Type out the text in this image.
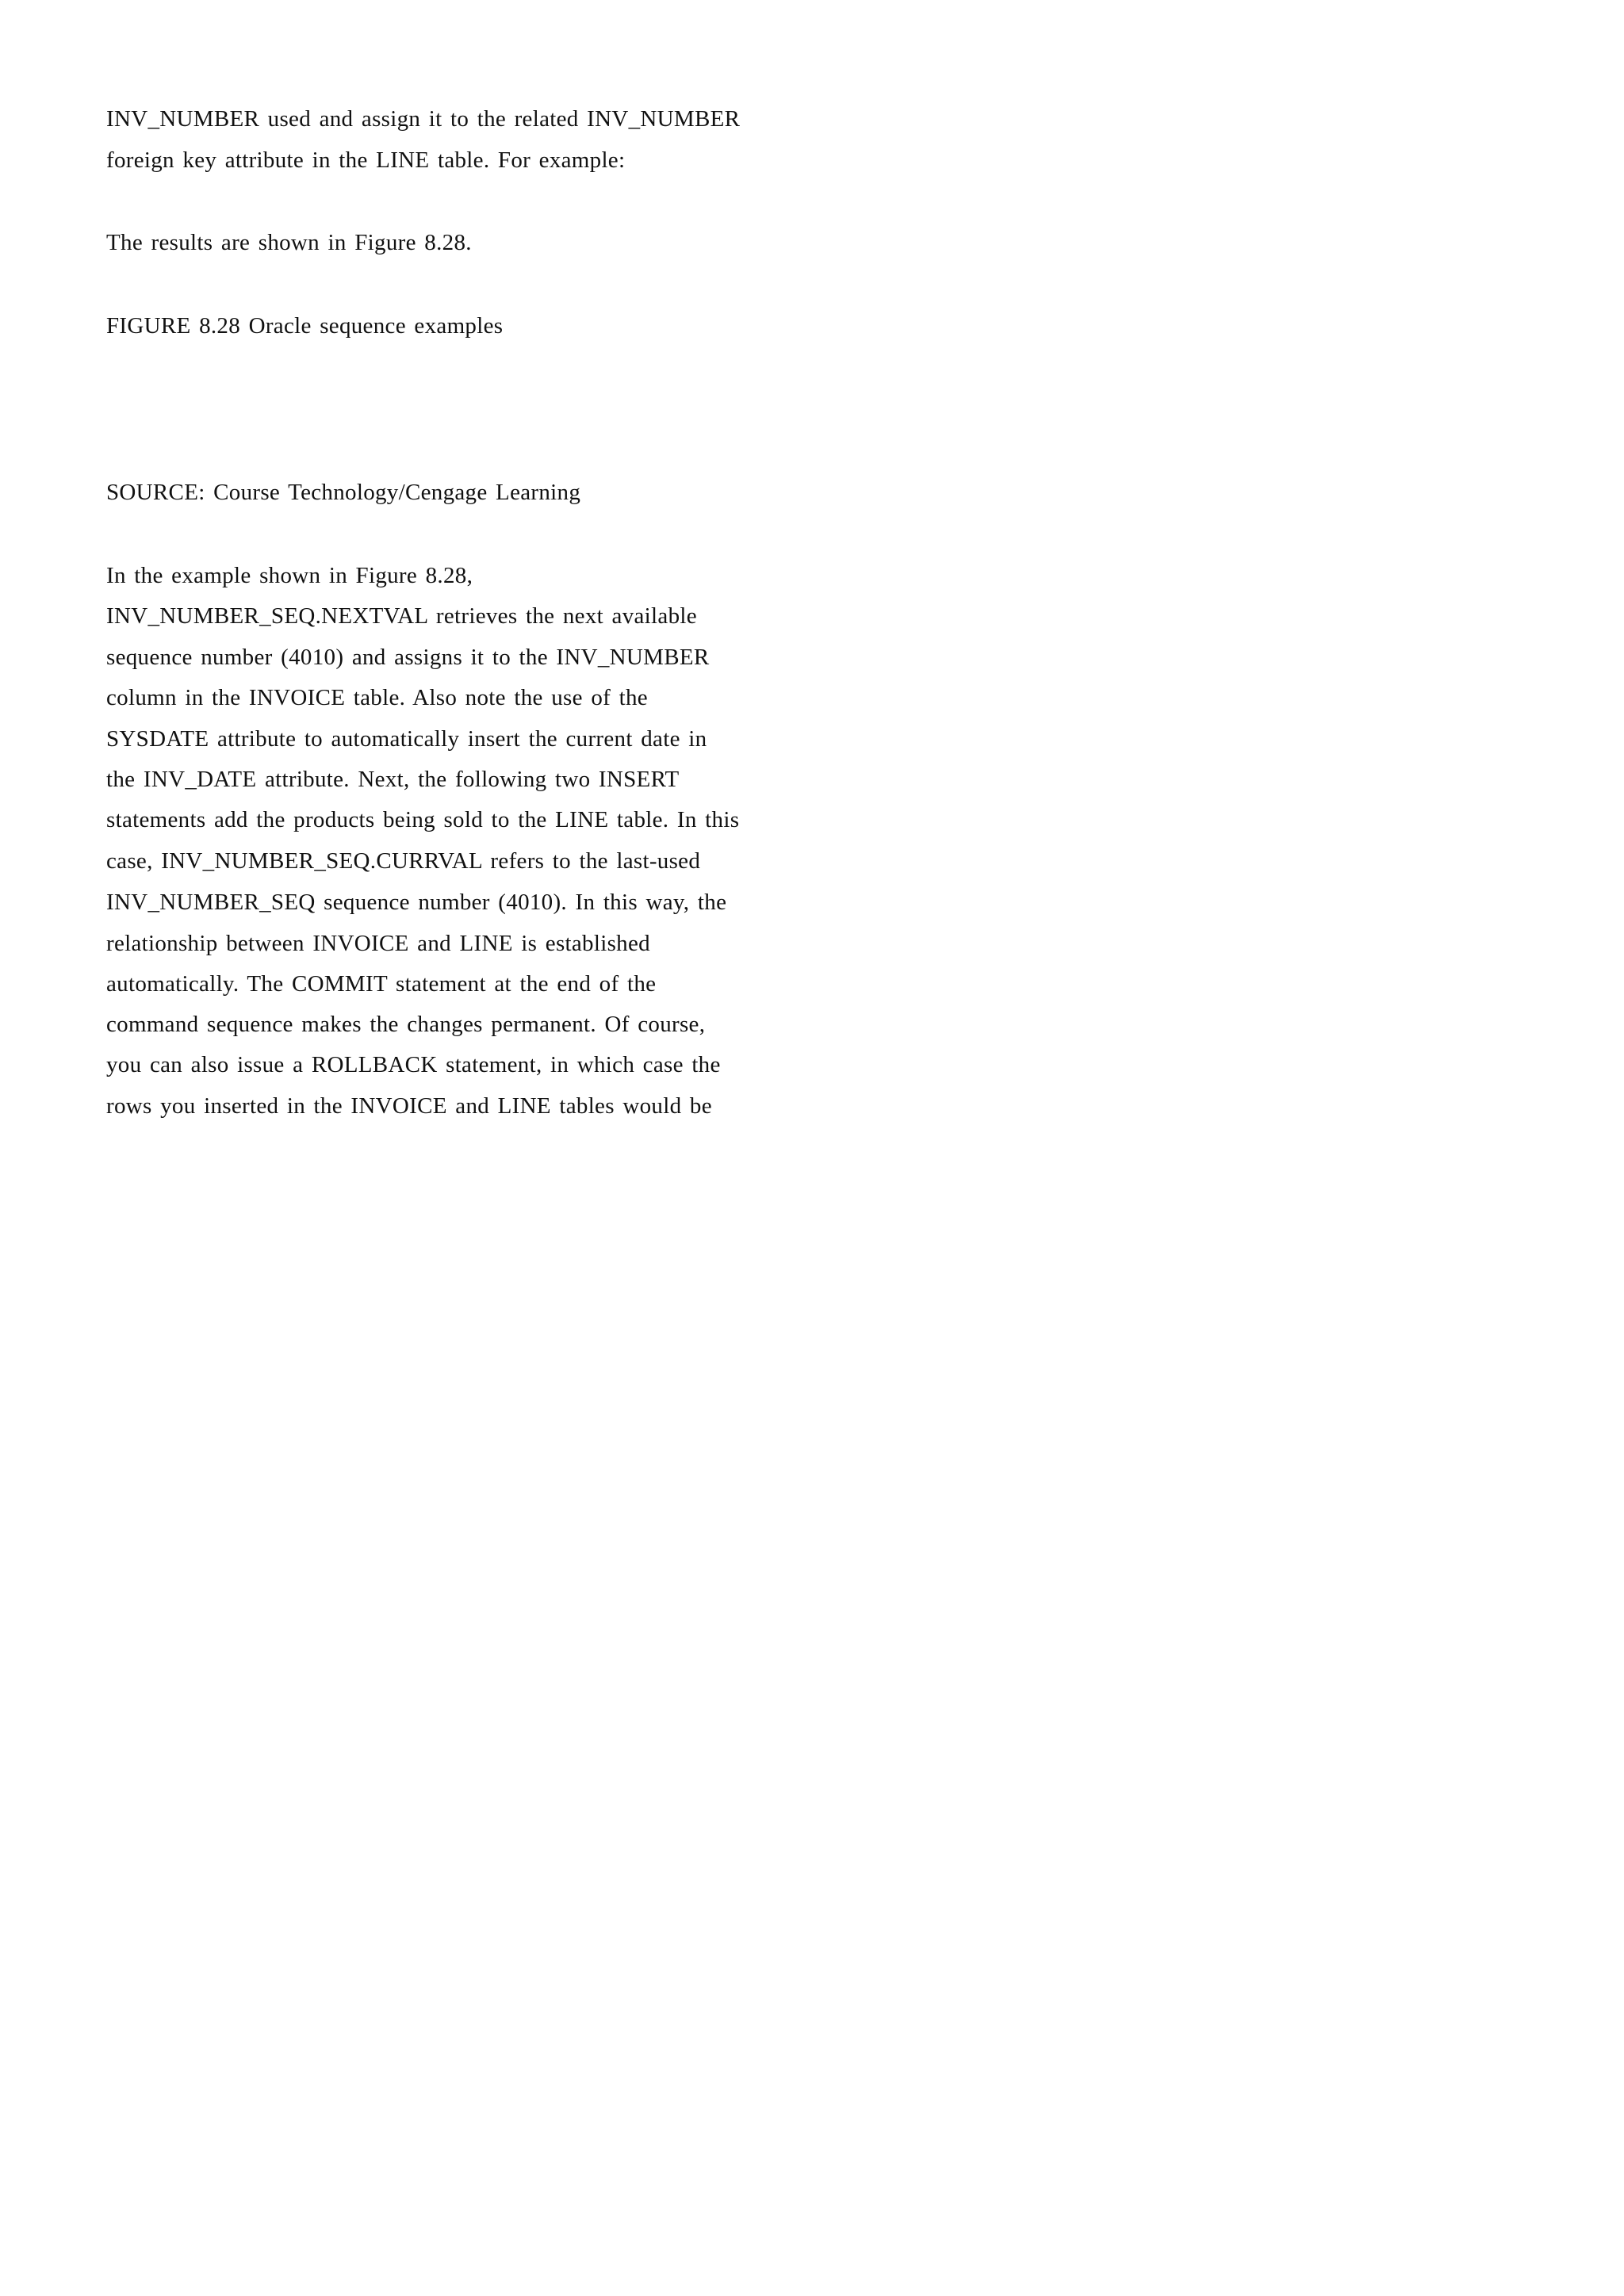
INV_NUMBER used and assign it to the related INV_NUMBER
foreign key attribute in the LINE table. For example:
The results are shown in Figure 8.28.
FIGURE 8.28 Oracle sequence examples
SOURCE: Course Technology/Cengage Learning
In the example shown in Figure 8.28,
INV_NUMBER_SEQ.NEXTVAL retrieves the next available
sequence number (4010) and assigns it to the INV_NUMBER
column in the INVOICE table. Also note the use of the
SYSDATE attribute to automatically insert the current date in
the INV_DATE attribute. Next, the following two INSERT
statements add the products being sold to the LINE table. In this
case, INV_NUMBER_SEQ.CURRVAL refers to the last-used
INV_NUMBER_SEQ sequence number (4010). In this way, the
relationship between INVOICE and LINE is established
automatically. The COMMIT statement at the end of the
command sequence makes the changes permanent. Of course,
you can also issue a ROLLBACK statement, in which case the
rows you inserted in the INVOICE and LINE tables would be
